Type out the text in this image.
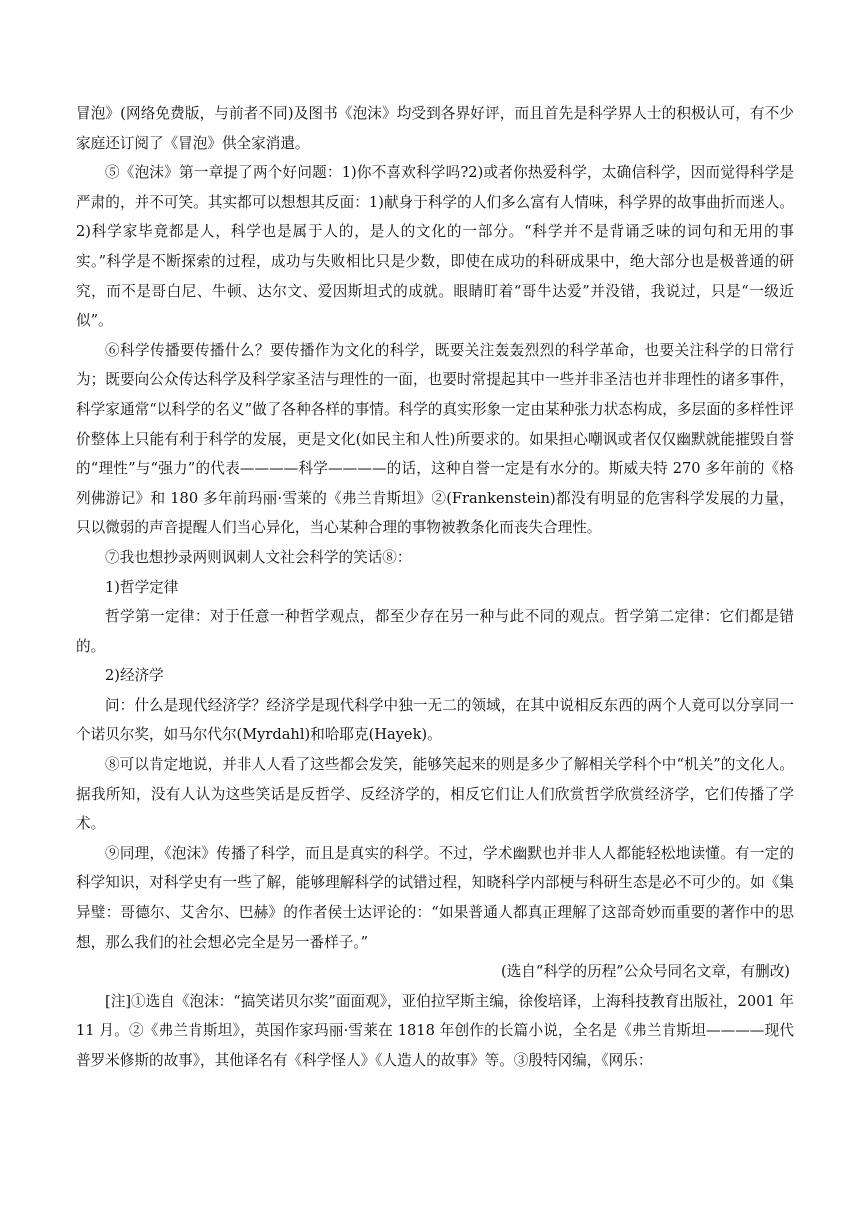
冒泡》(网络免费版，与前者不同)及图书《泡沫》均受到各界好评，而且首先是科学界人士的积极认可，有不少家庭还订阅了《冒泡》供全家消遣。

⑤《泡沫》第一章提了两个好问题：1)你不喜欢科学吗?2)或者你热爱科学，太确信科学，因而觉得科学是严肃的，并不可笑。其实都可以想想其反面：1)献身于科学的人们多么富有人情味，科学界的故事曲折而迷人。2)科学家毕竟都是人，科学也是属于人的，是人的文化的一部分。“科学并不是背诵乏味的词句和无用的事实。”科学是不断探索的过程，成功与失败相比只是少数，即使在成功的科研成果中，绝大部分也是极普通的研究，而不是哥白尼、牛顿、达尔文、爱因斯坦式的成就。眼睛盯着“哥牛达爱”并没错，我说过，只是“一级近似”。

⑥科学传播要传播什么？要传播作为文化的科学，既要关注轰轰烈烈的科学革命，也要关注科学的日常行为；既要向公众传达科学及科学家圣洁与理性的一面，也要时常提起其中一些并非圣洁也并非理性的诸多事件，科学家通常“以科学的名义”做了各种各样的事情。科学的真实形象一定由某种张力状态构成，多层面的多样性评价整体上只能有利于科学的发展，更是文化(如民主和人性)所要求的。如果担心嘲讽或者仅仅幽默就能摧毁自誉的“理性”与“强力”的代表————科学————的话，这种自誉一定是有水分的。斯威夫特 270 多年前的《格列佛游记》和 180 多年前玛丽·雪莱的《弗兰肯斯坦》②(Frankenstein)都没有明显的危害科学发展的力量，只以微弱的声音提醒人们当心异化，当心某种合理的事物被教条化而丧失合理性。

⑦我也想抄录两则讽刺人文社会科学的笑话⑧：

1)哲学定律

哲学第一定律：对于任意一种哲学观点，都至少存在另一种与此不同的观点。哲学第二定律：它们都是错的。

2)经济学

问：什么是现代经济学？经济学是现代科学中独一无二的领域，在其中说相反东西的两个人竟可以分享同一个诺贝尔奖，如马尔代尔(Myrdahl)和哈耶克(Hayek)。

⑧可以肯定地说，并非人人看了这些都会发笑，能够笑起来的则是多少了解相关学科个中“机关”的文化人。据我所知，没有人认为这些笑话是反哲学、反经济学的，相反它们让人们欣赏哲学欣赏经济学，它们传播了学术。

⑨同理，《泡沫》传播了科学，而且是真实的科学。不过，学术幽默也并非人人都能轻松地读懂。有一定的科学知识，对科学史有一些了解，能够理解科学的试错过程，知晓科学内部梗与科研生态是必不可少的。如《集异璧：哥德尔、艾舍尔、巴赫》的作者侯士达评论的：“如果普通人都真正理解了这部奇妙而重要的著作中的思想，那么我们的社会想必完全是另一番样子。”

(选自“科学的历程”公众号同名文章，有删改)

[注]①选自《泡沫：“搞笑诺贝尔奖”面面观》，亚伯拉罕斯主编，徐俊培译，上海科技教育出版社，2001 年 11 月。②《弗兰肯斯坦》，英国作家玛丽·雪莱在 1818 年创作的长篇小说，全名是《弗兰肯斯坦————现代普罗米修斯的故事》，其他译名有《科学怪人》《人造人的故事》等。③殷特冈编，《网乐：
